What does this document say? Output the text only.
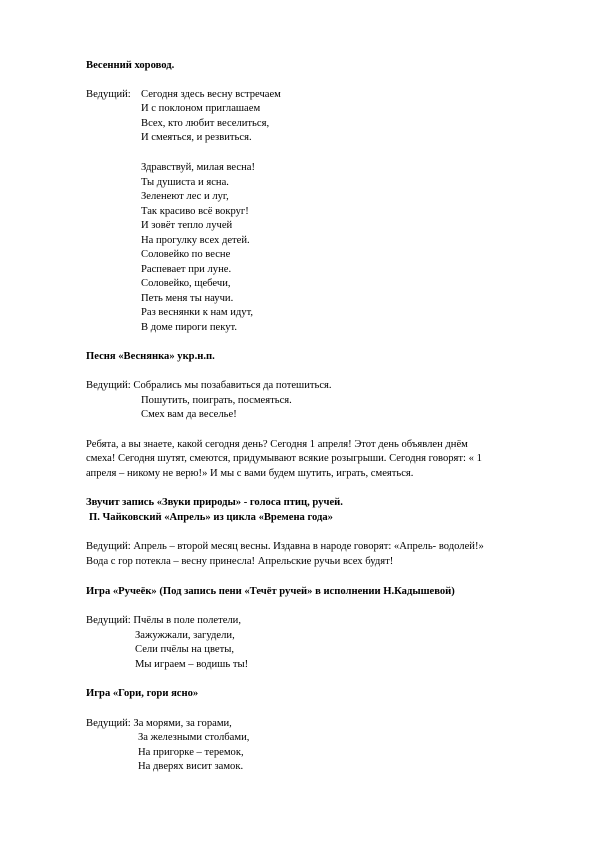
Весенний хоровод.
Ведущий: Сегодня здесь весну встречаем
И с поклоном приглашаем
Всех, кто любит веселиться,
И смеяться, и резвиться.
Здравствуй, милая весна!
Ты душиста и ясна.
Зеленеют лес и луг,
Так красиво всё вокруг!
И зовёт тепло лучей
На прогулку всех детей.
Соловейко по весне
Распевает при луне.
Соловейко, щебечи,
Петь меня ты научи.
Раз веснянки к нам идут,
В доме пироги пекут.
Песня «Веснянка» укр.н.п.
Ведущий: Собрались мы позабавиться да потешиться.
Пошутить, поиграть, посмеяться.
Смех вам да веселье!
Ребята, а вы знаете, какой сегодня день? Сегодня 1 апреля! Этот день объявлен днём
смеха! Сегодня шутят, смеются, придумывают всякие розыгрыши. Сегодня говорят: « 1
апреля – никому не верю!» И мы с вами будем шутить, играть, смеяться.
Звучит запись «Звуки природы» - голоса птиц, ручей.
П. Чайковский «Апрель» из цикла «Времена года»
Ведущий: Апрель – второй месяц весны. Издавна в народе говорят: «Апрель- водолей!»
Вода с гор потекла – весну принесла! Апрельские ручьи всех будят!
Игра «Ручеёк» (Под запись пени «Течёт ручей» в исполнении Н.Кадышевой)
Ведущий: Пчёлы в поле полетели,
Зажужжали, загудели,
Сели пчёлы на цветы,
Мы играем – водишь ты!
Игра «Гори, гори ясно»
Ведущий: За морями, за горами,
За железными столбами,
На пригорке – теремок,
На дверях висит замок.
